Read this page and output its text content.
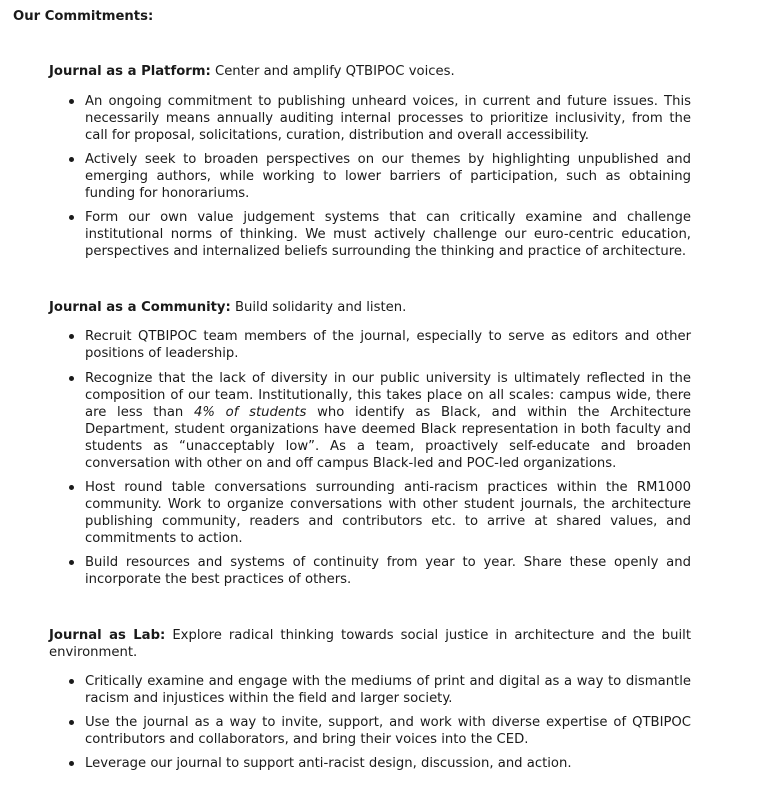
Our Commitments:

Journal as a Platform: Center and amplify QTBIPOC voices.

An ongoing commitment to publishing unheard voices, in current and future issues. This necessarily means annually auditing internal processes to prioritize inclusivity, from the call for proposal, solicitations, curation, distribution and overall accessibility.
Actively seek to broaden perspectives on our themes by highlighting unpublished and emerging authors, while working to lower barriers of participation, such as obtaining funding for honorariums.
Form our own value judgement systems that can critically examine and challenge institutional norms of thinking. We must actively challenge our euro-centric education, perspectives and internalized beliefs surrounding the thinking and practice of architecture.

Journal as a Community: Build solidarity and listen.

Recruit QTBIPOC team members of the journal, especially to serve as editors and other positions of leadership.
Recognize that the lack of diversity in our public university is ultimately reflected in the composition of our team. Institutionally, this takes place on all scales: campus wide, there are less than 4% of students who identify as Black, and within the Architecture Department, student organizations have deemed Black representation in both faculty and students as “unacceptably low”. As a team, proactively self-educate and broaden conversation with other on and off campus Black-led and POC-led organizations.
Host round table conversations surrounding anti-racism practices within the RM1000 community. Work to organize conversations with other student journals, the architecture publishing community, readers and contributors etc. to arrive at shared values, and commitments to action.
Build resources and systems of continuity from year to year. Share these openly and incorporate the best practices of others.

Journal as Lab: Explore radical thinking towards social justice in architecture and the built environment.

Critically examine and engage with the mediums of print and digital as a way to dismantle racism and injustices within the field and larger society.
Use the journal as a way to invite, support, and work with diverse expertise of QTBIPOC contributors and collaborators, and bring their voices into the CED.
Leverage our journal to support anti-racist design, discussion, and action.
